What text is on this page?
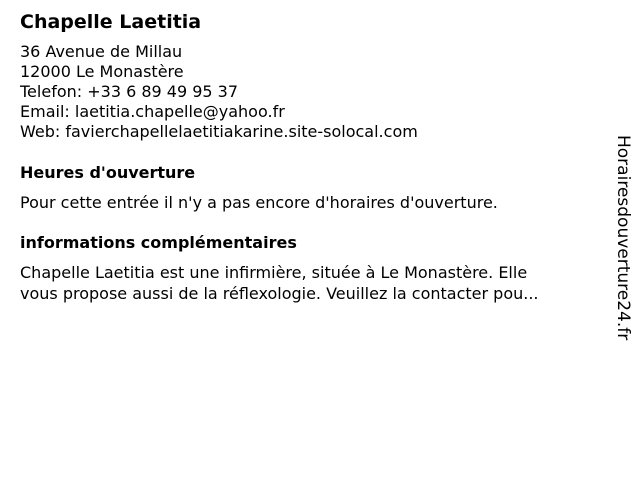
Chapelle Laetitia
36 Avenue de Millau
12000 Le Monastère
Telefon: +33 6 89 49 95 37
Email: laetitia.chapelle@yahoo.fr
Web: favierchapellelaetitiakarine.site-solocal.com
Heures d'ouverture
Pour cette entrée il n'y a pas encore d'horaires d'ouverture.
informations complémentaires
Chapelle Laetitia est une infirmière, située à Le Monastère. Elle
vous propose aussi de la réflexologie. Veuillez la contacter pou...	Horairesdouverture24.fr
